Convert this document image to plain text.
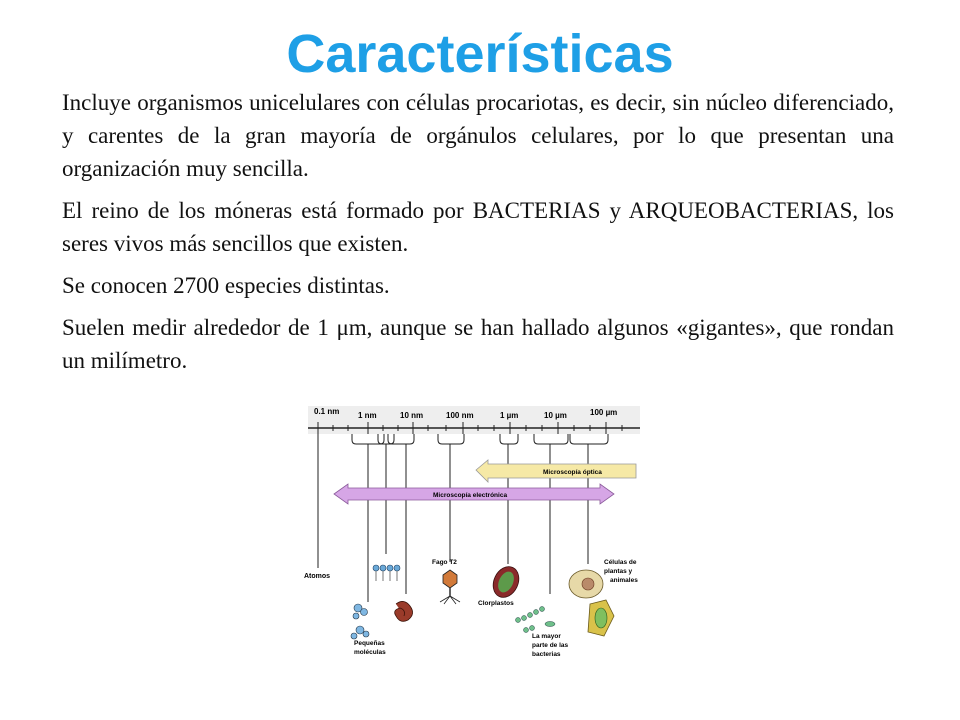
Características

Incluye organismos unicelulares con células procariotas, es decir, sin núcleo diferenciado, y carentes de la gran mayoría de orgánulos celulares, por lo que presentan una organización muy sencilla.

El reino de los móneras está formado por BACTERIAS y ARQUEOBACTERIAS, los seres vivos más sencillos que existen.

Se conocen 2700 especies distintas.

Suelen medir alrededor de 1 μm, aunque se han hallado algunos «gigantes», que rondan un milímetro.

0.1 nm 1 nm	10 nm	100 nm	1 µm	10 µm	100 µm
Microscopía óptica
Microscopía electrónica
Atomos
Pequeñas
moléculas
Fago T2
Clorplastos
La mayor
parte de las
bacterias
Células de
plantas y
animales
